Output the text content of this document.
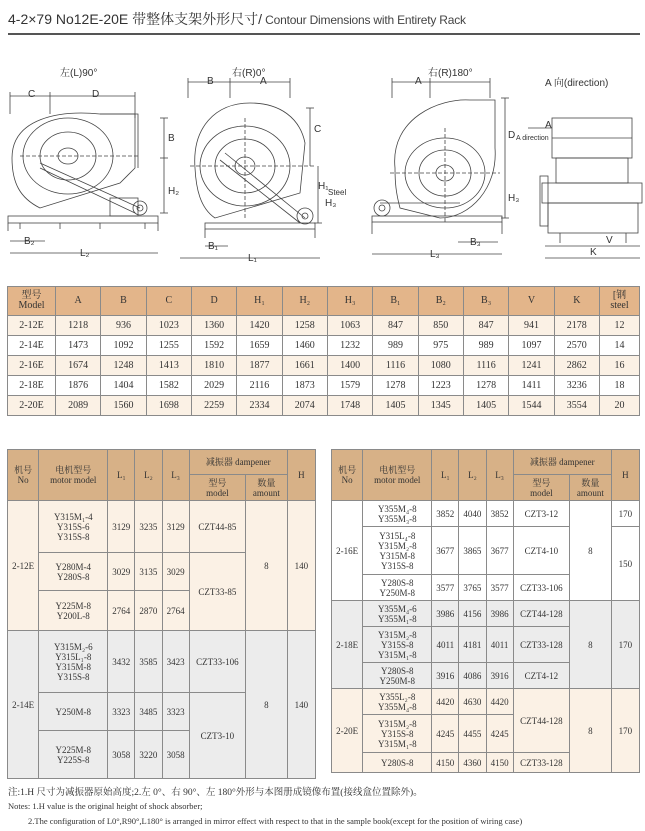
4-2×79 No12E-20E 带整体支架外形尺寸/ Contour Dimensions with Entirety Rack
左(L)90°	右(R)0°	右(R)180°
A 向(direction)
C	D
B
H₂
B₂
L₂
A
B
C
H₁
H₃
B₁
L₁
A
D
H₃
B₃
L₃
A
V
K
A direction
Steel
型号
Model	A	B	C	D	H₁	H₂	H₃	B₁	B₂	B₃	V	K	[钢
steel
2-12E	1218	936	1023	1360	1420	1258	1063	847	850	847	941	2178	12
2-14E	1473	1092	1255	1592	1659	1460	1232	989	975	989	1097	2570	14
2-16E	1674	1248	1413	1810	1877	1661	1400	1116	1080	1116	1241	2862	16
2-18E	1876	1404	1582	2029	2116	1873	1579	1278	1223	1278	1411	3236	18
2-20E	2089	1560	1698	2259	2334	2074	1748	1405	1345	1405	1544	3554	20
机号
No	电机型号
motor model	L₁	L₂	L₃	减振器 dampener		H
					型号
model	数量
amount	
2-12E	Y315M₁-4
Y315S-6
Y315S-8	3129	3235	3129	CZT44-85	8	140
	Y280M-4
Y280S-8	3029	3135	3029	CZT33-85		
	Y225M-8
Y200L-8	2764	2870	2764			
2-14E	Y315M₂-6
Y315L₁-8
Y315M-8
Y315S-8	3432	3585	3423	CZT33-106	8	140
	Y250M-8	3323	3485	3323	CZT3-10		
	Y225M-8
Y225S-8	3058	3220	3058			
机号
No	电机型号
motor model	L₁	L₂	L₃	减振器 dampener		H
					型号
model	数量
amount	
2-16E	Y355M₄-8
Y355M₃-8	3852	4040	3852	CZT3-12	8	170
	Y315L₄-8
Y315M₂-8
Y315M-8
Y315S-8	3677	3865	3677	CZT4-10		150
	Y280S-8
Y250M-8	3577	3765	3577	CZT33-106		
2-18E	Y355M₄-6
Y355M₁-8	3986	4156	3986	CZT44-128	8	170
	Y315M₂-8
Y315S-8
Y315M₁-8	4011	4181	4011	CZT33-128		
	Y280S-8
Y250M-8	3916	4086	3916	CZT4-12		
2-20E	Y355L₂-8
Y355M₄-8	4420	4630	4420	CZT44-128	8	170
	Y315M₂-8
Y315S-8
Y315M₁-8	4245	4455	4245			
	Y280S-8	4150	4360	4150	CZT33-128		
注:1.H 尺寸为减振器原始高度;2.左 0°、右 90°、左 180°外形与本图册成镜像布置(接线盒位置除外)。
Notes: 1.H value is the original height of shock absorber;
2.The configuration of L0°,R90°,L180° is arranged in mirror effect with respect to that in the sample book(except for the position of wiring case)
